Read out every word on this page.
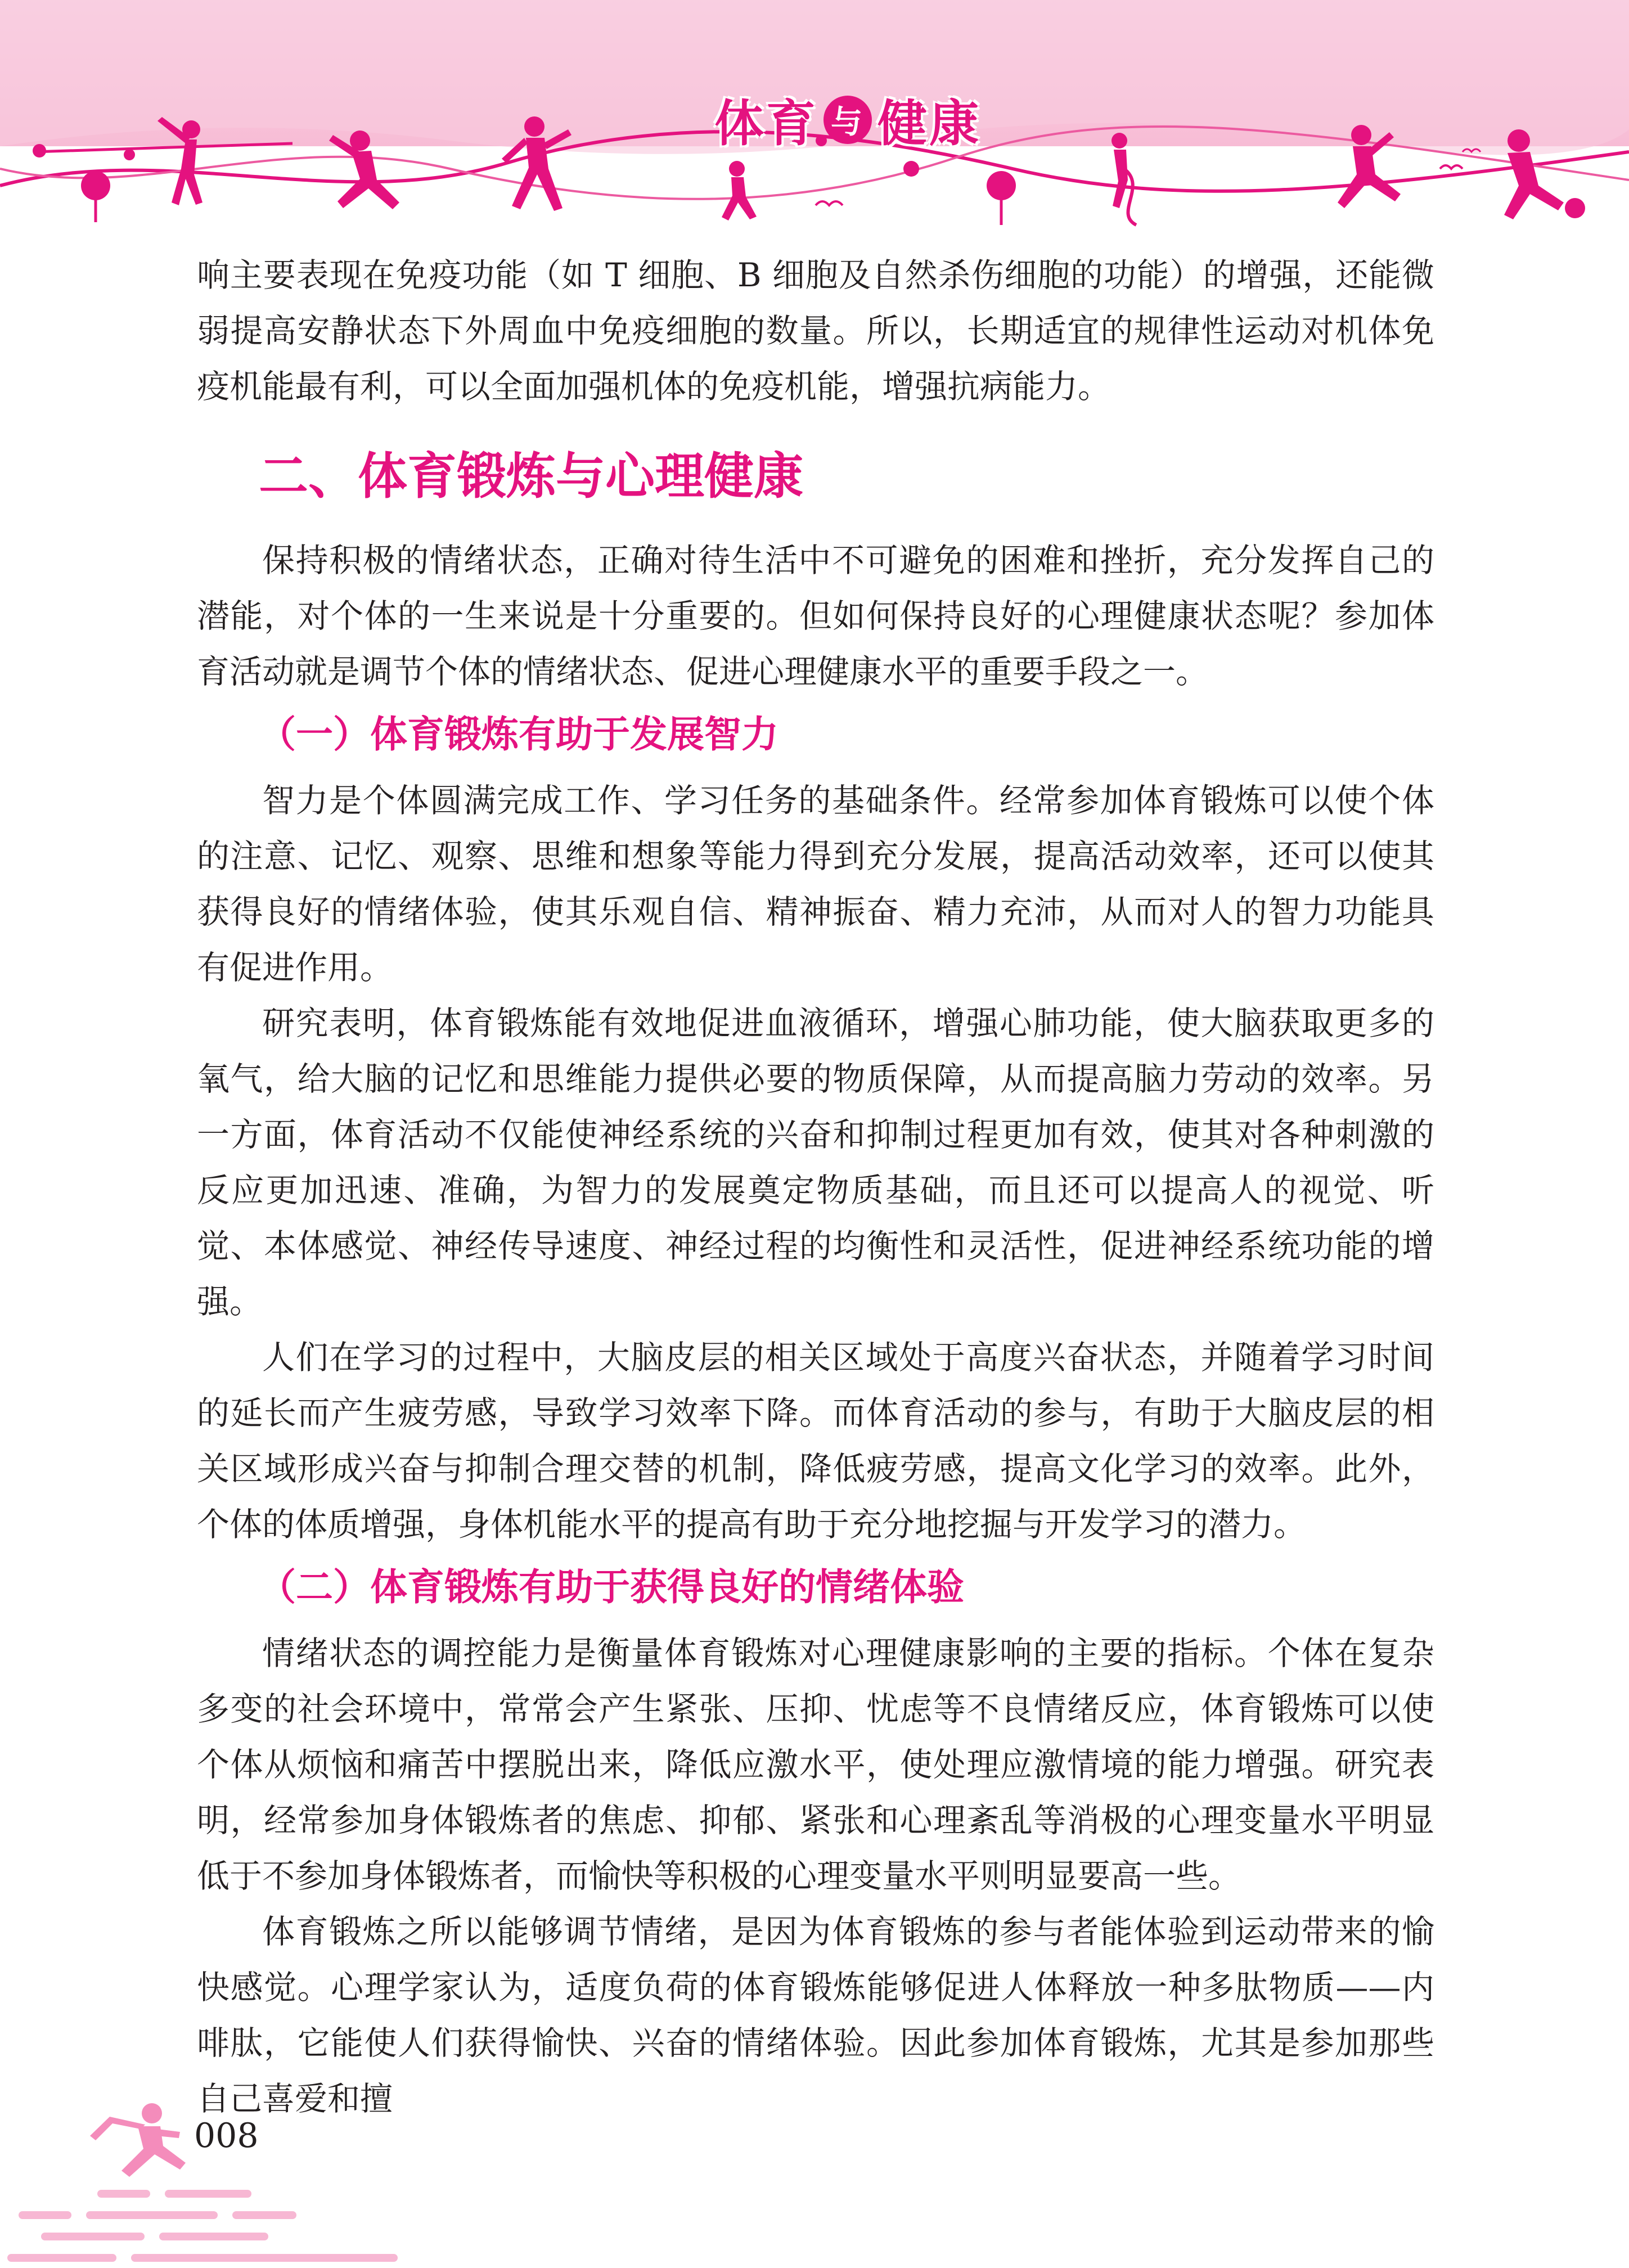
体育 与 健康

响主要表现在免疫功能（如 T 细胞、B 细胞及自然杀伤细胞的功能）的增强，还能微弱提高安静状态下外周血中免疫细胞的数量。所以，长期适宜的规律性运动对机体免疫机能最有利，可以全面加强机体的免疫机能，增强抗病能力。

二、体育锻炼与心理健康

保持积极的情绪状态，正确对待生活中不可避免的困难和挫折，充分发挥自己的潜能，对个体的一生来说是十分重要的。但如何保持良好的心理健康状态呢？参加体育活动就是调节个体的情绪状态、促进心理健康水平的重要手段之一。

（一）体育锻炼有助于发展智力

智力是个体圆满完成工作、学习任务的基础条件。经常参加体育锻炼可以使个体的注意、记忆、观察、思维和想象等能力得到充分发展，提高活动效率，还可以使其获得良好的情绪体验，使其乐观自信、精神振奋、精力充沛，从而对人的智力功能具有促进作用。

研究表明，体育锻炼能有效地促进血液循环，增强心肺功能，使大脑获取更多的氧气，给大脑的记忆和思维能力提供必要的物质保障，从而提高脑力劳动的效率。另一方面，体育活动不仅能使神经系统的兴奋和抑制过程更加有效，使其对各种刺激的反应更加迅速、准确，为智力的发展奠定物质基础，而且还可以提高人的视觉、听觉、本体感觉、神经传导速度、神经过程的均衡性和灵活性，促进神经系统功能的增强。

人们在学习的过程中，大脑皮层的相关区域处于高度兴奋状态，并随着学习时间的延长而产生疲劳感，导致学习效率下降。而体育活动的参与，有助于大脑皮层的相关区域形成兴奋与抑制合理交替的机制，降低疲劳感，提高文化学习的效率。此外，个体的体质增强，身体机能水平的提高有助于充分地挖掘与开发学习的潜力。

（二）体育锻炼有助于获得良好的情绪体验

情绪状态的调控能力是衡量体育锻炼对心理健康影响的主要的指标。个体在复杂多变的社会环境中，常常会产生紧张、压抑、忧虑等不良情绪反应，体育锻炼可以使个体从烦恼和痛苦中摆脱出来，降低应激水平，使处理应激情境的能力增强。研究表明，经常参加身体锻炼者的焦虑、抑郁、紧张和心理紊乱等消极的心理变量水平明显低于不参加身体锻炼者，而愉快等积极的心理变量水平则明显要高一些。

体育锻炼之所以能够调节情绪，是因为体育锻炼的参与者能体验到运动带来的愉快感觉。心理学家认为，适度负荷的体育锻炼能够促进人体释放一种多肽物质——内啡肽，它能使人们获得愉快、兴奋的情绪体验。因此参加体育锻炼，尤其是参加那些自己喜爱和擅

008
